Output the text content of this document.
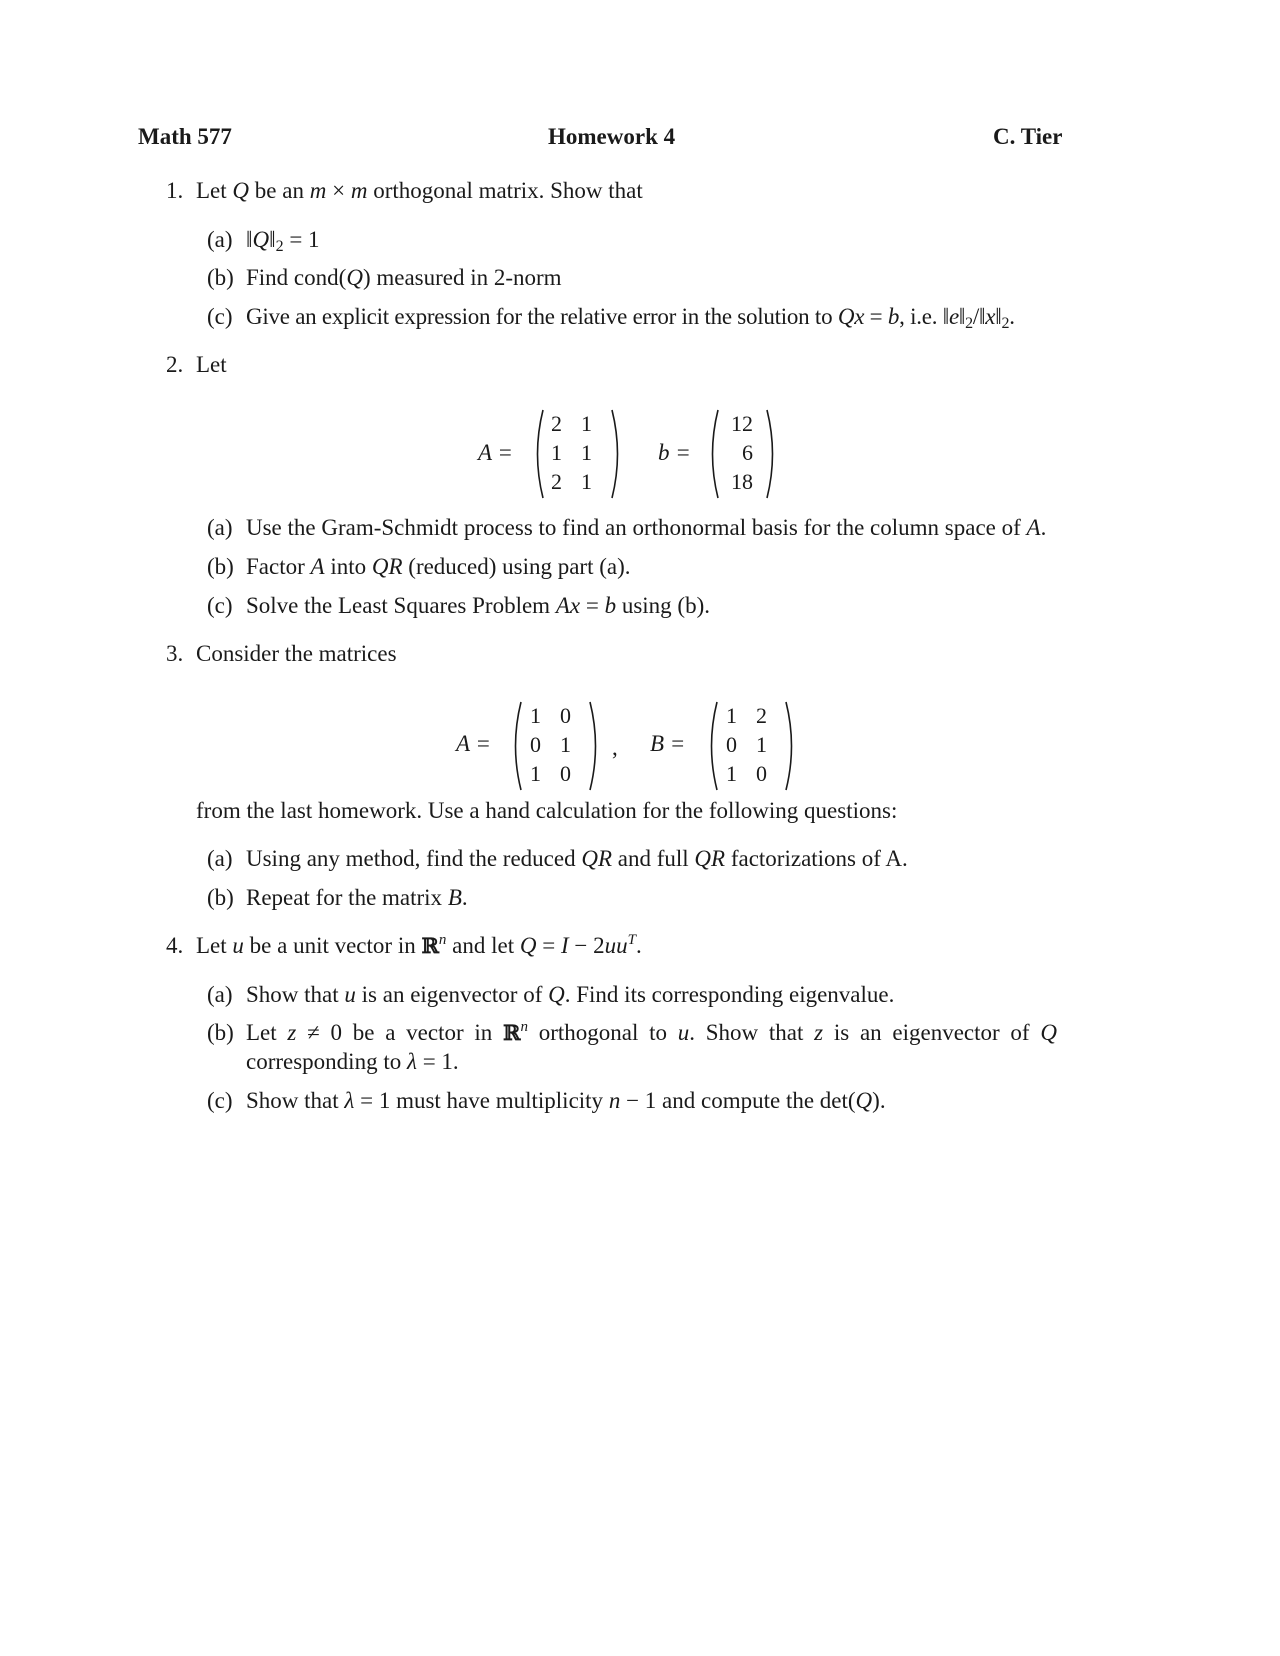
Math 577	Homework 4	C. Tier
1. Let Q be an m × m orthogonal matrix. Show that
(a) ‖Q‖2 = 1
(b) Find cond(Q) measured in 2-norm
(c) Give an explicit expression for the relative error in the solution to Qx = b, i.e. ‖e‖2/‖x‖2.
2. Let
A =
2 1
1 1
2 1
b =
12
6
18
(a) Use the Gram-Schmidt process to find an orthonormal basis for the column space of A.
(b) Factor A into QR (reduced) using part (a).
(c) Solve the Least Squares Problem Ax = b using (b).
3. Consider the matrices
A =
1 0
0 1
1 0
, B =
1 2
0 1
1 0
from the last homework. Use a hand calculation for the following questions:
(a) Using any method, find the reduced QR and full QR factorizations of A.
(b) Repeat for the matrix B.
4. Let u be a unit vector in ℝ$^n$ and let $Q = I - 2uu^T$.
(a) Show that u is an eigenvector of Q. Find its corresponding eigenvalue.
(b) Let z ≠ 0 be a vector in ℝ$^n$ orthogonal to u. Show that z is an eigenvector of Q
corresponding to λ = 1.
(c) Show that λ = 1 must have multiplicity n − 1 and compute the det(Q).
